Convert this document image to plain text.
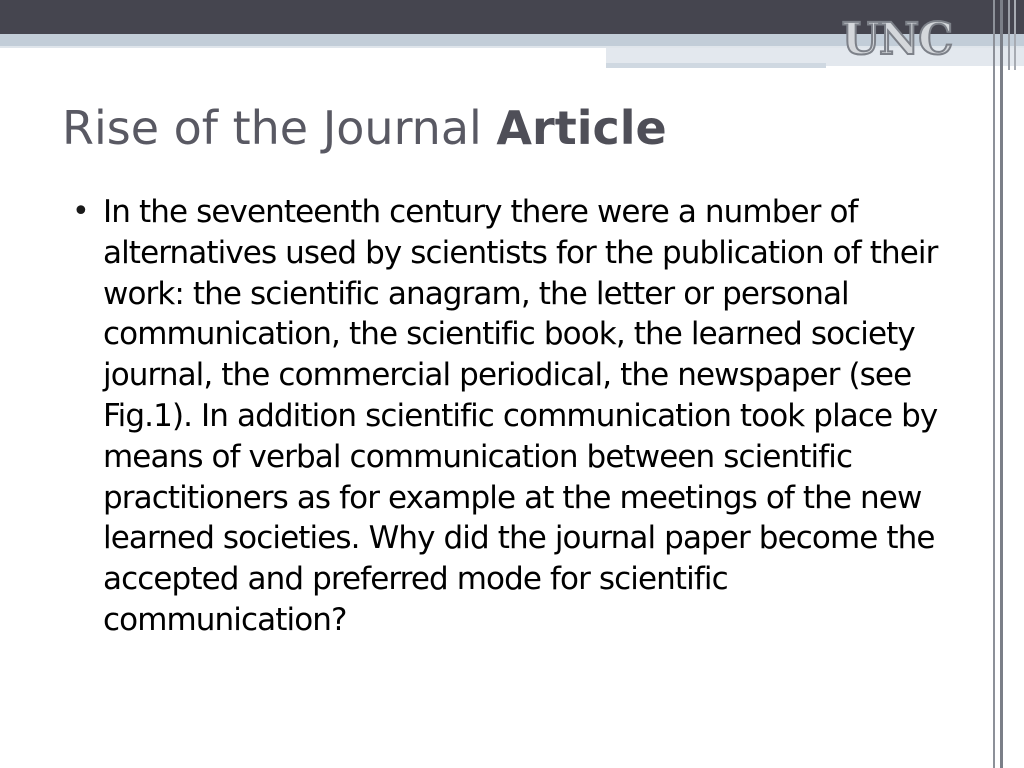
UNC
Rise of the Journal Article
• In the seventeenth century there were a number of alternatives used by scientists for the publication of their work: the scientific anagram, the letter or personal communication, the scientific book, the learned society journal, the commercial periodical, the newspaper (see Fig.1). In addition scientific communication took place by means of verbal communication between scientific practitioners as for example at the meetings of the new learned societies. Why did the journal paper become the accepted and preferred mode for scientific communication?
